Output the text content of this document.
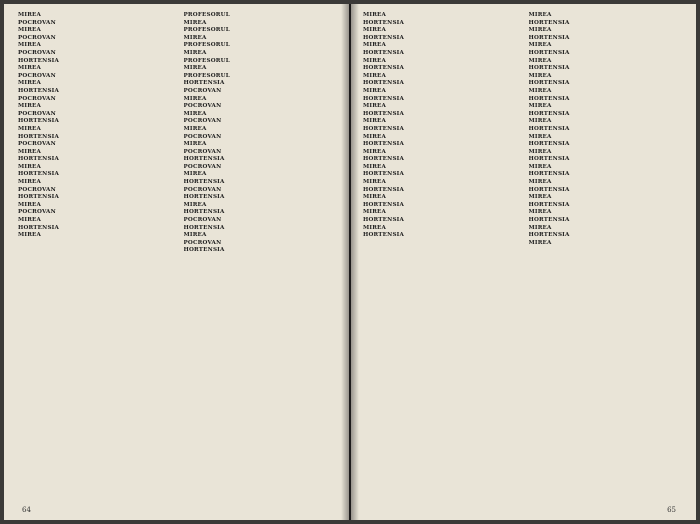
MIREA
POCROVAN
MIREA
POCROVAN
MIREA
POCROVAN
HORTENSIA
MIREA
POCROVAN
MIREA
HORTENSIA
POCROVAN
MIREA
POCROVAN
HORTENSIA
MIREA
HORTENSIA
POCROVAN
MIREA
HORTENSIA
MIREA
HORTENSIA
MIREA
POCROVAN
HORTENSIA
MIREA
POCROVAN
MIREA
HORTENSIA
MIREA
PROFESORUL
MIREA
PROFESORUL
MIREA
PROFESORUL
MIREA
PROFESORUL
MIREA
PROFESORUL
HORTENSIA
POCROVAN
MIREA
POCROVAN
MIREA
POCROVAN
MIREA
POCROVAN
MIREA
POCROVAN
HORTENSIA
POCROVAN
MIREA
HORTENSIA
POCROVAN
HORTENSIA
MIREA
HORTENSIA
POCROVAN
HORTENSIA
MIREA
POCROVAN
HORTENSIA
64
MIREA
HORTENSIA
MIREA
HORTENSIA
MIREA
HORTENSIA
MIREA
HORTENSIA
MIREA
HORTENSIA
MIREA
HORTENSIA
MIREA
HORTENSIA
MIREA
HORTENSIA
MIREA
HORTENSIA
MIREA
HORTENSIA
MIREA
HORTENSIA
MIREA
HORTENSIA
MIREA
HORTENSIA
MIREA
HORTENSIA
MIREA
HORTENSIA
MIREA
HORTENSIA
MIREA
HORTENSIA
MIREA
HORTENSIA
MIREA
HORTENSIA
MIREA
HORTENSIA
MIREA
HORTENSIA
MIREA
HORTENSIA
MIREA
HORTENSIA
MIREA
HORTENSIA
MIREA
HORTENSIA
MIREA
HORTENSIA
MIREA
HORTENSIA
MIREA
HORTENSIA
MIREA
HORTENSIA
MIREA
HORTENSIA
MIREA
65
